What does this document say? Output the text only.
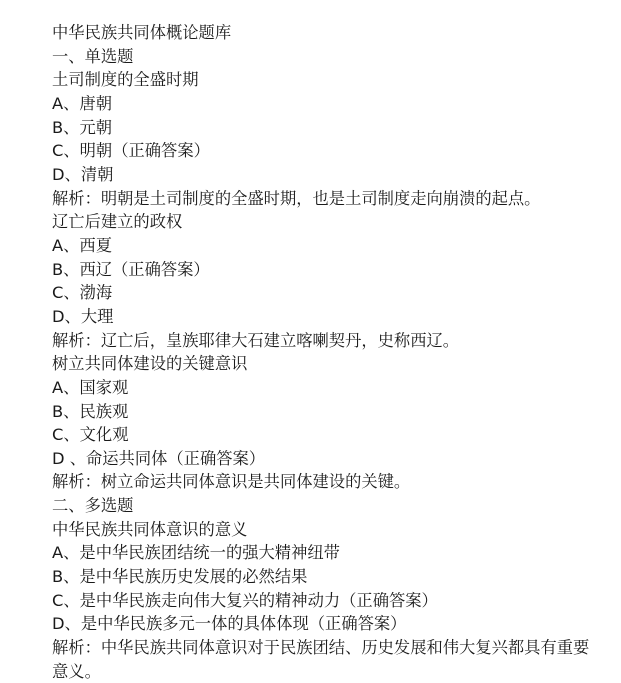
中华民族共同体概论题库
一、单选题
土司制度的全盛时期
A、唐朝
B、元朝
C、明朝（正确答案）
D、清朝
解析：明朝是土司制度的全盛时期，也是土司制度走向崩溃的起点。
辽亡后建立的政权
A、西夏
B、西辽（正确答案）
C、渤海
D、大理
解析：辽亡后，皇族耶律大石建立喀喇契丹，史称西辽。
树立共同体建设的关键意识
A、国家观
B、民族观
C、文化观
D 、命运共同体（正确答案）
解析：树立命运共同体意识是共同体建设的关键。
二、多选题
中华民族共同体意识的意义
A、是中华民族团结统一的强大精神纽带
B、是中华民族历史发展的必然结果
C、是中华民族走向伟大复兴的精神动力（正确答案）
D、是中华民族多元一体的具体体现（正确答案）
解析：中华民族共同体意识对于民族团结、历史发展和伟大复兴都具有重要意义。
